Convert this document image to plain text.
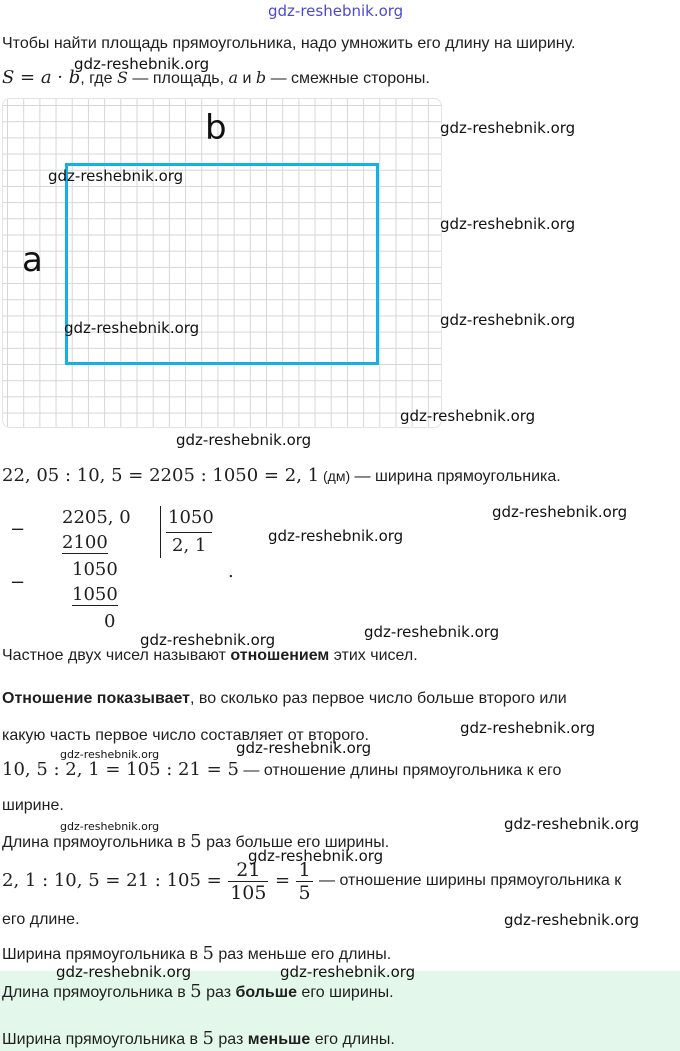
Чтобы найти площадь прямоугольника, надо умножить его длину на ширину.
S = a · b, где S — площадь, a и b — смежные стороны.
b
a
22, 05 : 10, 5 = 2205 : 1050 = 2, 1 (дм) — ширина прямоугольника.
−
2205, 0 1050
2, 1
2100
−
1050
1050
0
.
Частное двух чисел называют отношением этих чисел.
Отношение показывает, во сколько раз первое число больше второго или
какую часть первое число составляет от второго.
10, 5 : 2, 1 = 105 : 21 = 5 — отношение длины прямоугольника к его
ширине.
Длина прямоугольника в 5 раз больше его ширины.
2, 1 : 10, 5 = 21 : $105 = \frac{21}{105} = \frac{1}{5}$ — отношение ширины прямоугольника к
его длине.
Ширина прямоугольника в 5 раз меньше его длины.
Длина прямоугольника в 5 раз больше его ширины.
Ширина прямоугольника в 5 раз меньше его длины.
gdz-reshebnik.org
gdz-reshebnik.org
gdz-reshebnik.org
gdz-reshebnik.org
gdz-reshebnik.org
gdz-reshebnik.org
gdz-reshebnik.org
gdz-reshebnik.org
gdz-reshebnik.org
gdz-reshebnik.org
gdz-reshebnik.org
gdz-reshebnik.org
gdz-reshebnik.org
gdz-reshebnik.org
gdz-reshebnik.org
gdz-reshebnik.org
gdz-reshebnik.org	gdz-reshebnik.org
gdz-reshebnik.org
gdz-reshebnik.org
gdz-reshebnik.org	gdz-reshebnik.org
